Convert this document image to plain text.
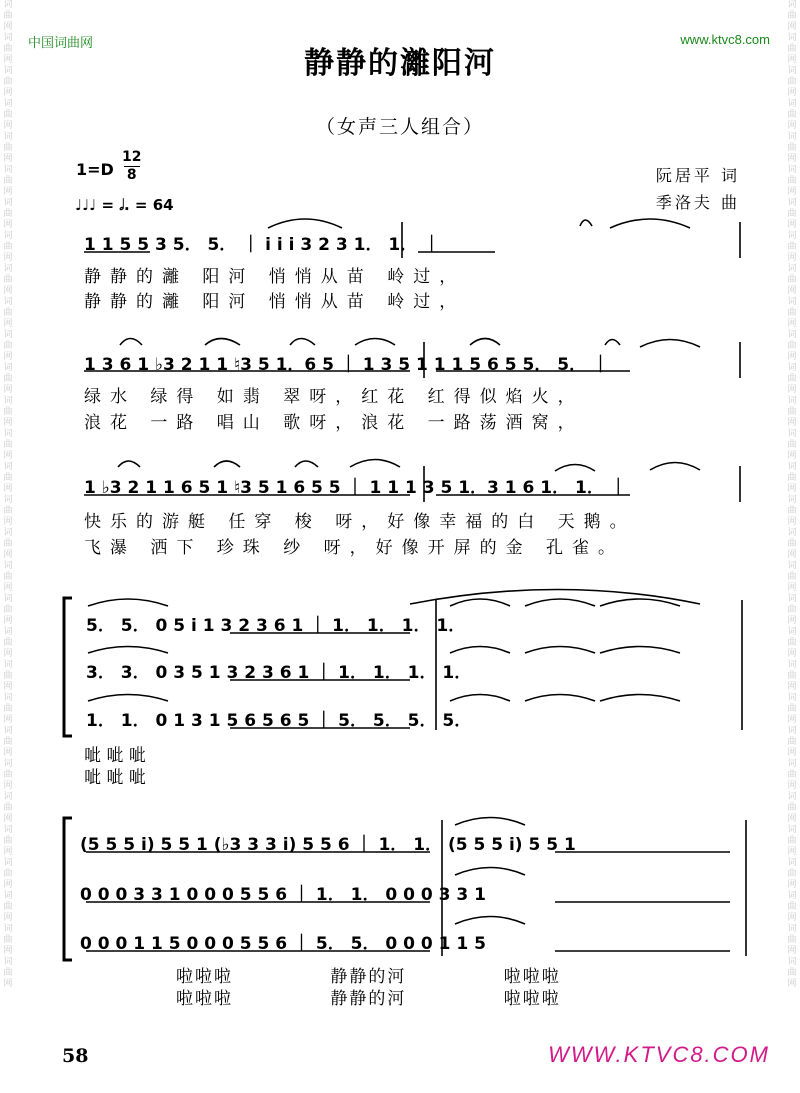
词曲网词曲网词曲网词曲网词曲网词曲网词曲网词曲网词曲网词曲网词曲网词曲网词曲网词曲网词曲网词曲网词曲网词曲网词曲网词曲网词曲网词曲网词曲网词曲网词曲网词曲网词曲网词曲网词曲网词曲网
词曲网词曲网词曲网词曲网词曲网词曲网词曲网词曲网词曲网词曲网词曲网词曲网词曲网词曲网词曲网词曲网词曲网词曲网词曲网词曲网词曲网词曲网词曲网词曲网词曲网词曲网词曲网词曲网词曲网词曲网
中国词曲网	www.ktvc8.com
静静的灕阳河
（女声三人组合）
1=D
12
8
♩♩♩ = 𝅗𝅥. = 64
阮居平 词
季洛夫 曲
1 1 5 5 3 5． 5． ｜ i i i 3 2 3 1． 1． ｜
静静的灕 阳河 悄悄从苗 岭过，
静静的灕 阳河 悄悄从苗 岭过，
1 3 6 1 ♭3 2 1 1 ♮3 5 1．6 5 ｜ 1 3 5 1 1 1 5 6 5 5． 5． ｜
绿水 绿得 如翡 翠呀，红花 红得似焰火，
浪花 一路 唱山 歌呀，浪花 一路荡酒窝，
1 ♭3 2 1 1 6 5 1 ♮3 5 1 6 5 5 ｜ 1 1 1 3 5 1．3 1 6 1． 1． ｜
快乐的游艇 任穿 梭 呀，好像幸福的白 天鹅。
飞瀑 洒下 珍珠 纱 呀，好像开屏的金 孔雀。
5． 5． 0 5 i 1 3 2 3 6 1 ｜ 1． 1． 1． 1．
3． 3． 0 3 5 1 3 2 3 6 1 ｜ 1． 1． 1． 1．
1． 1． 0 1 3 1 5 6 5 6 5 ｜ 5． 5． 5． 5．
呲 呲 呲
呲 呲 呲
(5 5 5 i) 5 5 1 (♭3 3 3 i) 5 5 6 ｜ 1． 1． (5 5 5 i) 5 5 1
0 0 0 3 3 1 0 0 0 5 5 6 ｜ 1． 1． 0 0 0 3 3 1
0 0 0 1 1 5 0 0 0 5 5 6 ｜ 5． 5． 0 0 0 1 1 5
啦啦啦 静静的河 啦啦啦
啦啦啦 静静的河 啦啦啦
58	WWW.KTVC8.COM
